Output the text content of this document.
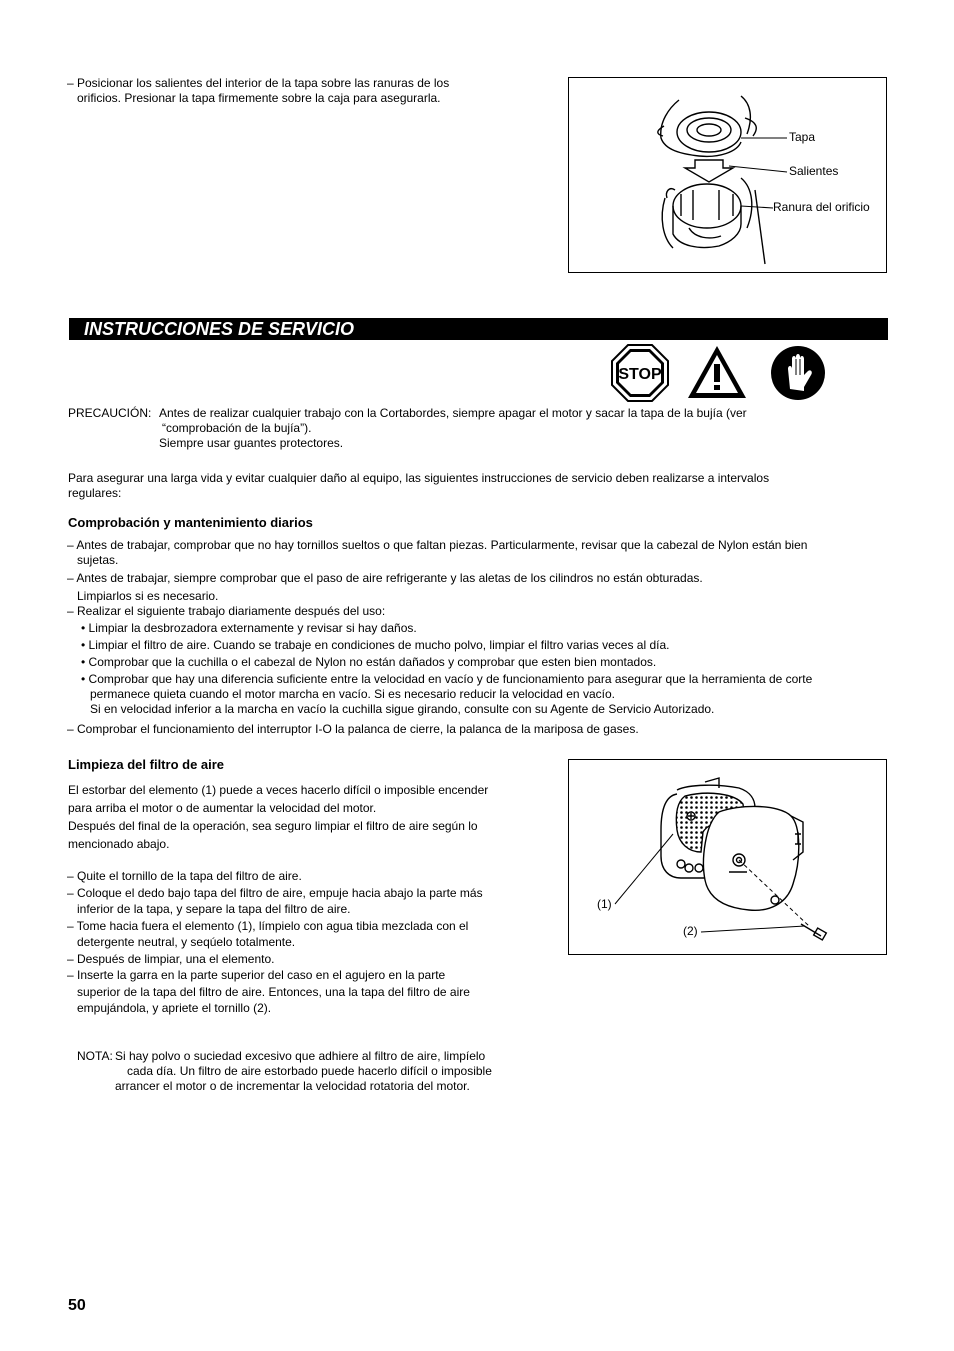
– Posicionar los salientes del interior de la tapa sobre las ranuras de los
orificios. Presionar la tapa firmemente sobre la caja para asegurarla.
Tapa
Salientes
Ranura del orificio
INSTRUCCIONES DE SERVICIO
STOP
PRECAUCIÓN: Antes de realizar cualquier trabajo con la Cortabordes, siempre apagar el motor y sacar la tapa de la bujía (ver
“comprobación de la bujía”).
Siempre usar guantes protectores.
Para asegurar una larga vida y evitar cualquier daño al equipo, las siguientes instrucciones de servicio deben realizarse a intervalos
regulares:
Comprobación y mantenimiento diarios
– Antes de trabajar, comprobar que no hay tornillos sueltos o que faltan piezas. Particularmente, revisar que la cabezal de Nylon están bien
sujetas.
– Antes de trabajar, siempre comprobar que el paso de aire refrigerante y las aletas de los cilindros no están obturadas.
Limpiarlos si es necesario.
– Realizar el siguiente trabajo diariamente después del uso:
• Limpiar la desbrozadora externamente y revisar si hay daños.
• Limpiar el filtro de aire. Cuando se trabaje en condiciones de mucho polvo, limpiar el filtro varias veces al día.
• Comprobar que la cuchilla o el cabezal de Nylon no están dañados y comprobar que esten bien montados.
• Comprobar que hay una diferencia suficiente entre la velocidad en vacío y de funcionamiento para asegurar que la herramienta de corte
permanece quieta cuando el motor marcha en vacío. Si es necesario reducir la velocidad en vacío.
Si en velocidad inferior a la marcha en vacío la cuchilla sigue girando, consulte con su Agente de Servicio Autorizado.
– Comprobar el funcionamiento del interruptor I-O la palanca de cierre, la palanca de la mariposa de gases.
Limpieza del filtro de aire
El estorbar del elemento (1) puede a veces hacerlo difícil o imposible encender
para arriba el motor o de aumentar la velocidad del motor.
Después del final de la operación, sea seguro limpiar el filtro de aire según lo
mencionado abajo.
– Quite el tornillo de la tapa del filtro de aire.
– Coloque el dedo bajo tapa del filtro de aire, empuje hacia abajo la parte más
inferior de la tapa, y separe la tapa del filtro de aire.
– Tome hacia fuera el elemento (1), límpielo con agua tibia mezclada con el
detergente neutral, y seqúelo totalmente.
– Después de limpiar, una el elemento.
– Inserte la garra en la parte superior del caso en el agujero en la parte
superior de la tapa del filtro de aire. Entonces, una la tapa del filtro de aire
empujándola, y apriete el tornillo (2).
NOTA: Si hay polvo o suciedad excesivo que adhiere al filtro de aire, limpíelo
cada día. Un filtro de aire estorbado puede hacerlo difícil o imposible
arrancer el motor o de incrementar la velocidad rotatoria del motor.
(1)
(2)
50
